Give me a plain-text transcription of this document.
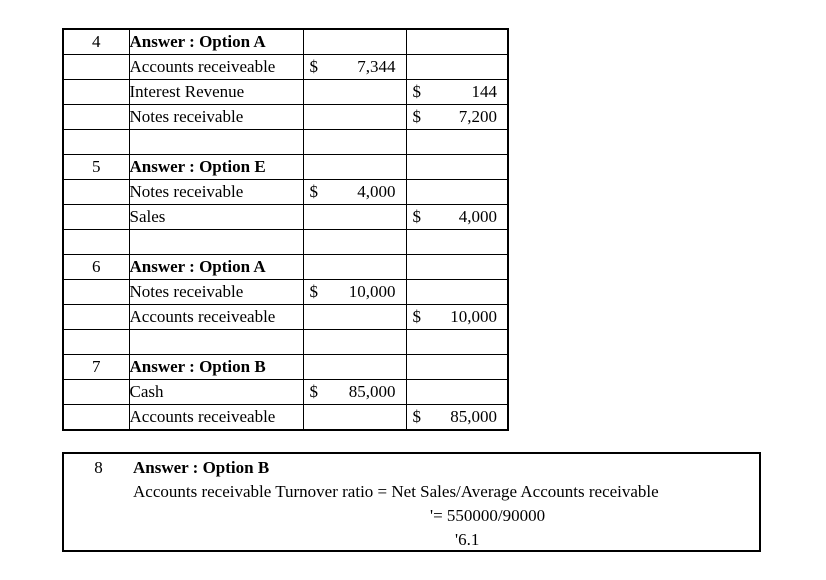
4	Answer : Option A		
	Accounts receiveable	$ 7,344	

	Interest Revenue		$ 144

	Notes receivable		$ 7,200

5	Answer : Option E		
	Notes receivable	$ 4,000	

	Sales		$ 4,000

6	Answer : Option A		
	Notes receivable	$ 10,000	

	Accounts receiveable		$ 10,000

7	Answer : Option B		
	Cash	$ 85,000	

	Accounts receiveable		$ 85,000
8	Answer : Option B
Accounts receivable Turnover ratio = Net Sales/Average Accounts receivable
'= 550000/90000
'6.1
